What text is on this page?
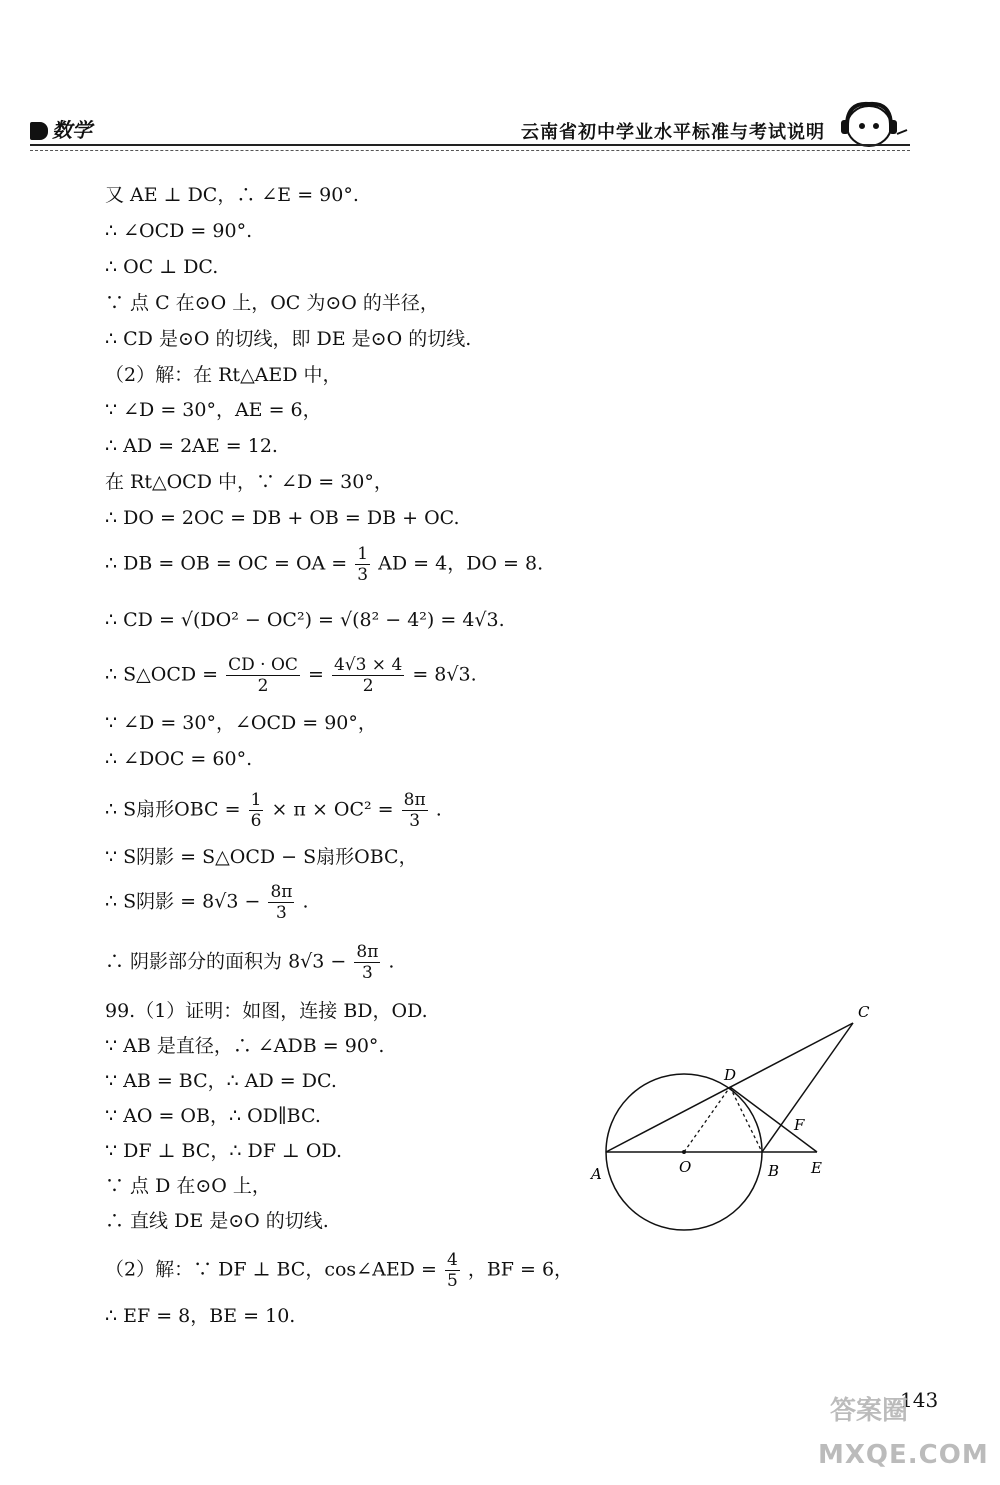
数学	云南省初中学业水平标准与考试说明
又 AE ⊥ DC，∴ ∠E = 90°.
∴ ∠OCD = 90°.
∴ OC ⊥ DC.
∵ 点 C 在⊙O 上，OC 为⊙O 的半径，
∴ CD 是⊙O 的切线，即 DE 是⊙O 的切线.
（2）解：在 Rt△AED 中，
∵ ∠D = 30°，AE = 6，
∴ AD = 2AE = 12.
在 Rt△OCD 中，∵ ∠D = 30°，
∴ DO = 2OC = DB + OB = DB + OC.
∴ DB = OB = OC = OA = $\frac{1}{3}$ AD = 4，DO = 8.
∴ CD = √(DO² − OC²) = √(8² − 4²) = 4√3.
∴ S△OCD = $\frac{CD \cdot OC}{2} = \frac{4√3 \times 4}{2} = 8√3$.
∵ ∠D = 30°，∠OCD = 90°，
∴ ∠DOC = 60°.
∴ S扇形OBC = $\frac{1}{6} \times \pi \times OC^2 = \frac{8\pi}{3}$ .
∵ S阴影 = S△OCD − S扇形OBC，
∴ S阴影 = $8√3 - \frac{8\pi}{3}$ .
∴ 阴影部分的面积为 $8√3 - \frac{8\pi}{3}$ .
99.（1）证明：如图，连接 BD，OD.
∵ AB 是直径，∴ ∠ADB = 90°.
∵ AB = BC，∴ AD = DC.
∵ AO = OB，∴ OD∥BC.
∵ DF ⊥ BC，∴ DF ⊥ OD.
∵ 点 D 在⊙O 上，
∴ 直线 DE 是⊙O 的切线.
（2）解：∵ DF ⊥ BC，cos∠AED = $\frac{4}{5}$ ，BF = 6，
∴ EF = 8，BE = 10.
A	O	B E
D
C
F
143
答案圈
MXQE.COM
